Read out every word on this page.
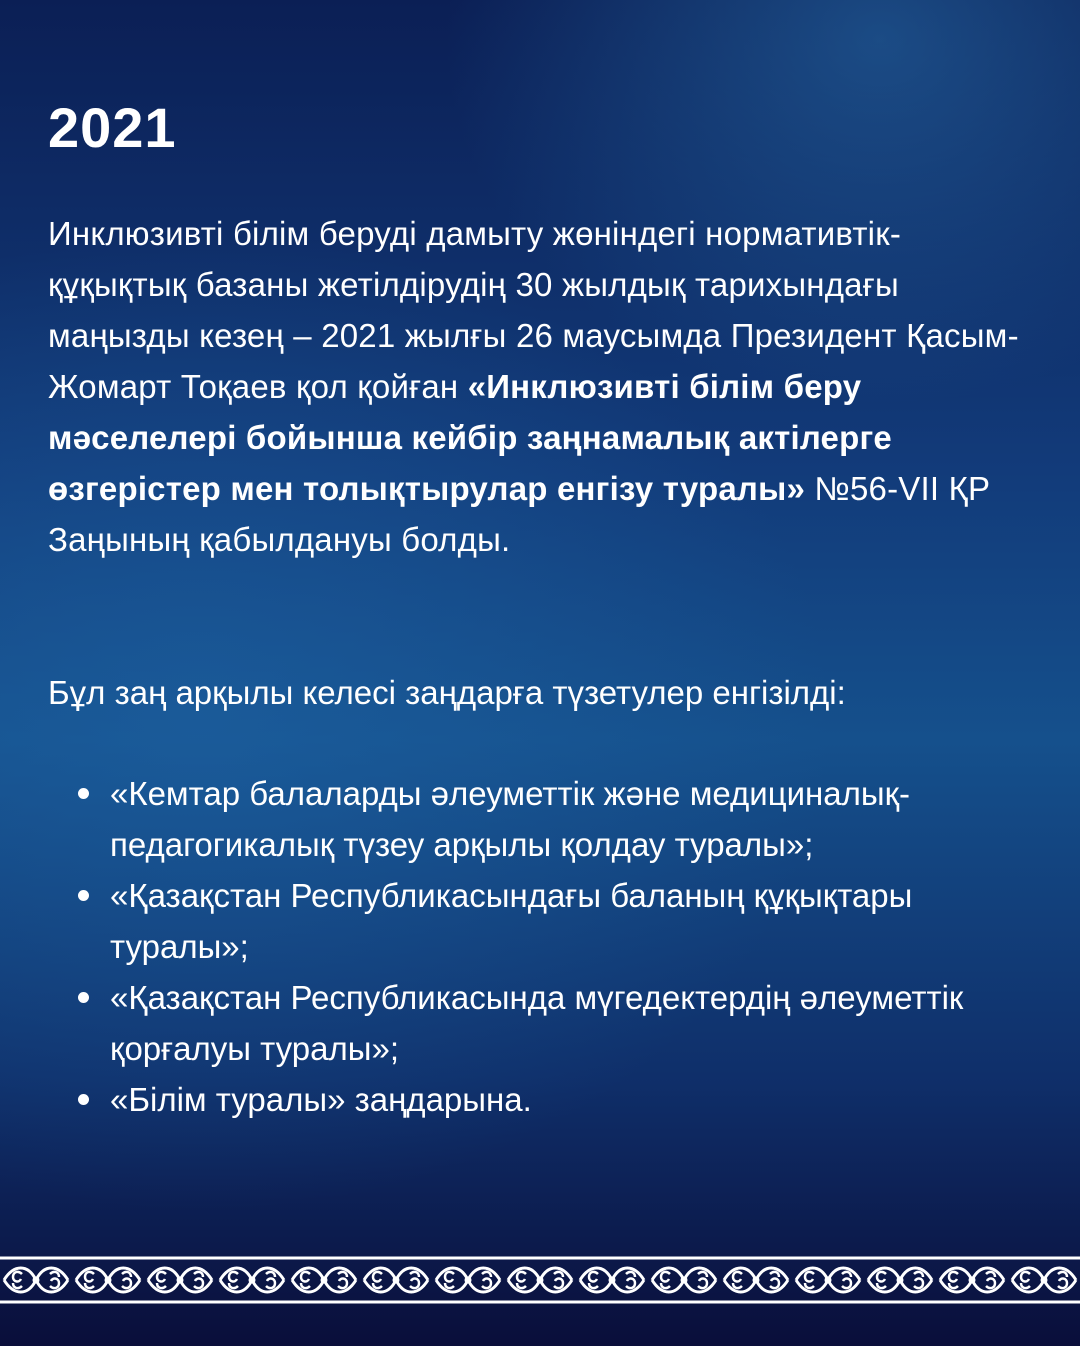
2021

Инклюзивті білім беруді дамыту жөніндегі нормативтік-құқықтық базаны жетілдірудің 30 жылдық тарихындағы маңызды кезең – 2021 жылғы 26 маусымда Президент Қасым-Жомарт Тоқаев қол қойған «Инклюзивті білім беру мәселелері бойынша кейбір заңнамалық актілерге өзгерістер мен толықтырулар енгізу туралы» №56-VII ҚР Заңының қабылдануы болды.

Бұл заң арқылы келесі заңдарға түзетулер енгізілді:

«Кемтар балаларды әлеуметтік және медициналық-педагогикалық түзеу арқылы қолдау туралы»;
«Қазақстан Республикасындағы баланың құқықтары туралы»;
«Қазақстан Республикасында мүгедектердің әлеуметтік қорғалуы туралы»;
«Білім туралы» заңдарына.
